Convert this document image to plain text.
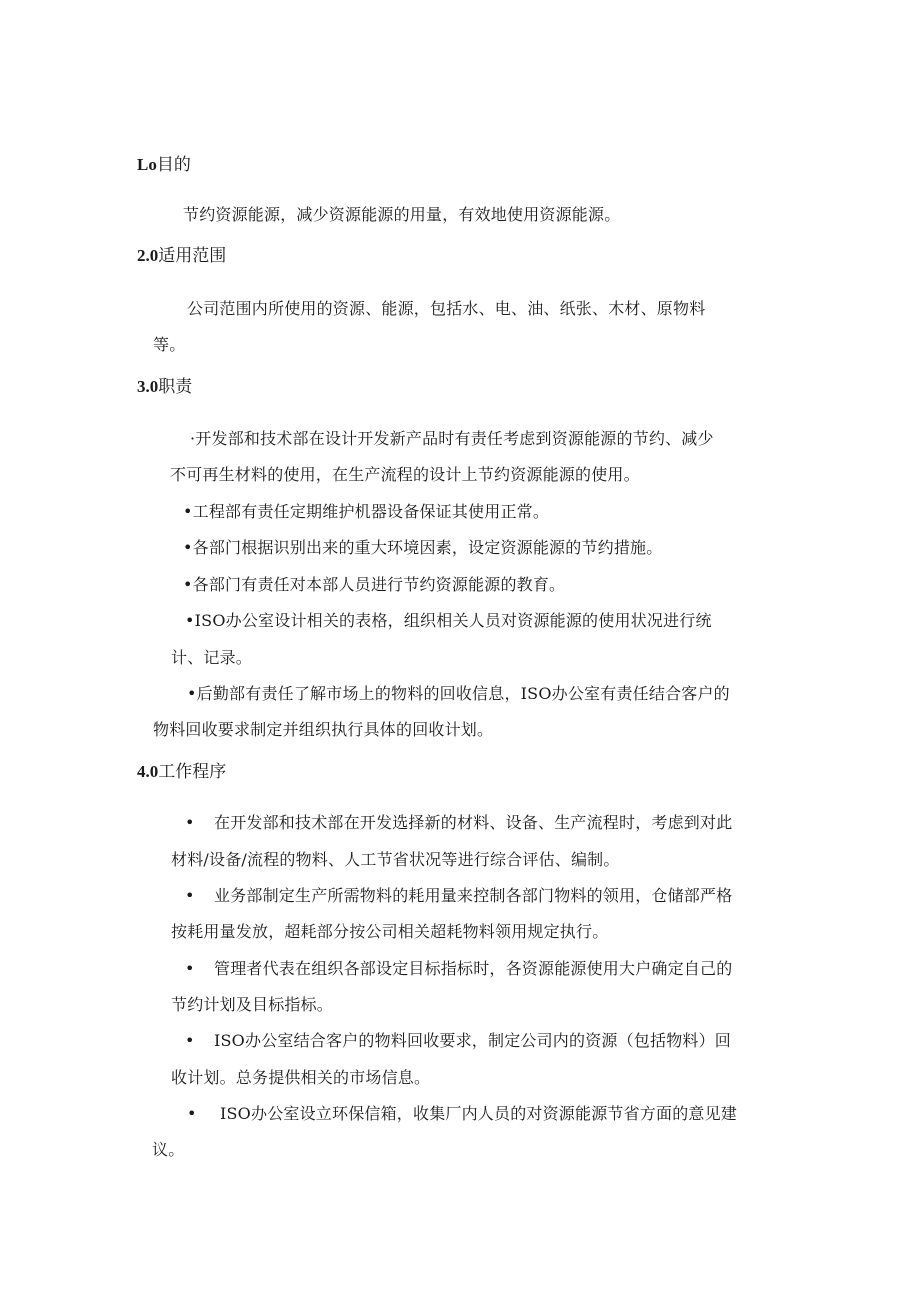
Lo目的
节约资源能源，减少资源能源的用量，有效地使用资源能源。
2.0适用范围
公司范围内所使用的资源、能源，包括水、电、油、纸张、木材、原物料
等。
3.0职责
·开发部和技术部在设计开发新产品时有责任考虑到资源能源的节约、减少
不可再生材料的使用，在生产流程的设计上节约资源能源的使用。
•工程部有责任定期维护机器设备保证其使用正常。
•各部门根据识别出来的重大环境因素，设定资源能源的节约措施。
•各部门有责任对本部人员进行节约资源能源的教育。
•ISO办公室设计相关的表格，组织相关人员对资源能源的使用状况进行统
计、记录。
•后勤部有责任了解市场上的物料的回收信息，ISO办公室有责任结合客户的
物料回收要求制定并组织执行具体的回收计划。
4.0工作程序
• 在开发部和技术部在开发选择新的材料、设备、生产流程时，考虑到对此
材料/设备/流程的物料、人工节省状况等进行综合评估、编制。
• 业务部制定生产所需物料的耗用量来控制各部门物料的领用，仓储部严格
按耗用量发放，超耗部分按公司相关超耗物料领用规定执行。
• 管理者代表在组织各部设定目标指标时，各资源能源使用大户确定自己的
节约计划及目标指标。
• ISO办公室结合客户的物料回收要求，制定公司内的资源（包括物料）回
收计划。总务提供相关的市场信息。
• ISO办公室设立环保信箱，收集厂内人员的对资源能源节省方面的意见建
议。
